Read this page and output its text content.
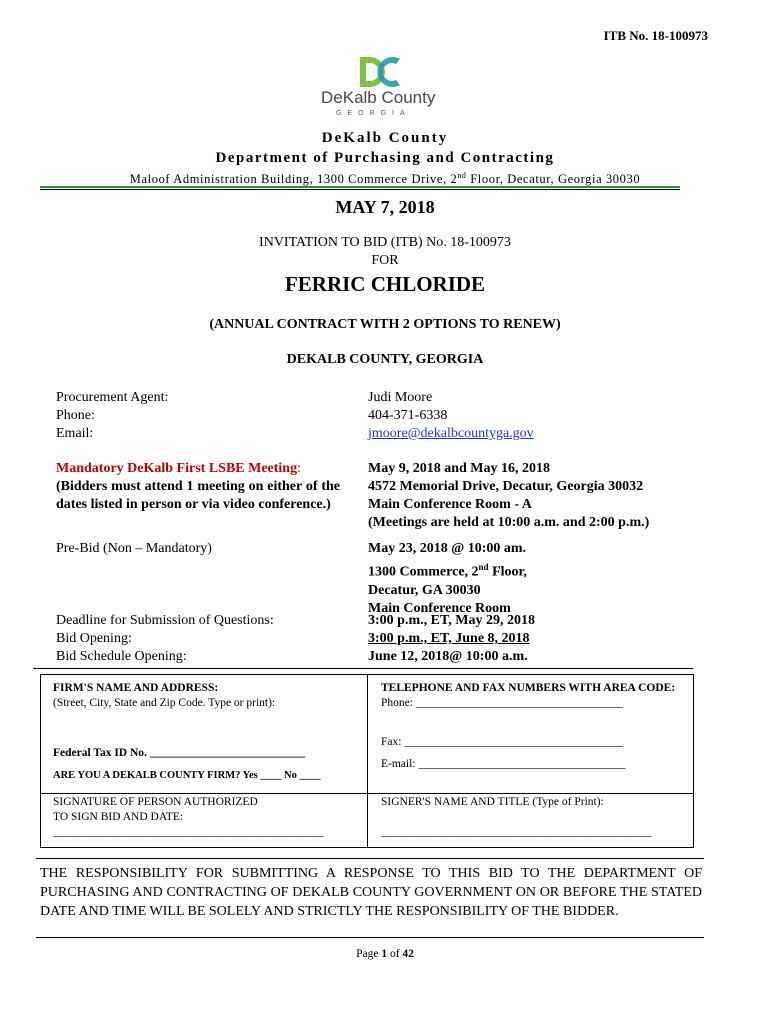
ITB No. 18-100973
DeKalb County
GEORGIA
DeKalb County
Department of Purchasing and Contracting
Maloof Administration Building, 1300 Commerce Drive, 2nd Floor, Decatur, Georgia 30030
MAY 7, 2018
INVITATION TO BID (ITB) No. 18-100973
FOR
FERRIC CHLORIDE
(ANNUAL CONTRACT WITH 2 OPTIONS TO RENEW)
DEKALB COUNTY, GEORGIA
Procurement Agent:
Phone:
Email:
Judi Moore
404-371-6338
jmoore@dekalbcountyga.gov
Mandatory DeKalb First LSBE Meeting:
(Bidders must attend 1 meeting on either of the dates listed in person or via video conference.)
May 9, 2018 and May 16, 2018
4572 Memorial Drive, Decatur, Georgia 30032
Main Conference Room - A
(Meetings are held at 10:00 a.m. and 2:00 p.m.)
Pre-Bid (Non – Mandatory)	May 23, 2018 @ 10:00 am.
1300 Commerce, 2nd Floor,
Decatur, GA 30030
Main Conference Room
Deadline for Submission of Questions:
Bid Opening:
Bid Schedule Opening:
3:00 p.m., ET, May 29, 2018
3:00 p.m., ET, June 8, 2018
June 12, 2018@ 10:00 a.m.
FIRM'S NAME AND ADDRESS:
(Street, City, State and Zip Code. Type or print):
Federal Tax ID No. ___________________________
ARE YOU A DEKALB COUNTY FIRM? Yes ____ No ____
TELEPHONE AND FAX NUMBERS WITH AREA CODE:
Phone: ____________________________________
Fax: ______________________________________
E-mail: ____________________________________
SIGNATURE OF PERSON AUTHORIZED
TO SIGN BID AND DATE:
_______________________________________________
SIGNER'S NAME AND TITLE (Type of Print):
_______________________________________________
THE RESPONSIBILITY FOR SUBMITTING A RESPONSE TO THIS BID TO THE DEPARTMENT OF PURCHASING AND CONTRACTING OF DEKALB COUNTY GOVERNMENT ON OR BEFORE THE STATED DATE AND TIME WILL BE SOLELY AND STRICTLY THE RESPONSIBILITY OF THE BIDDER.
Page 1 of 42
